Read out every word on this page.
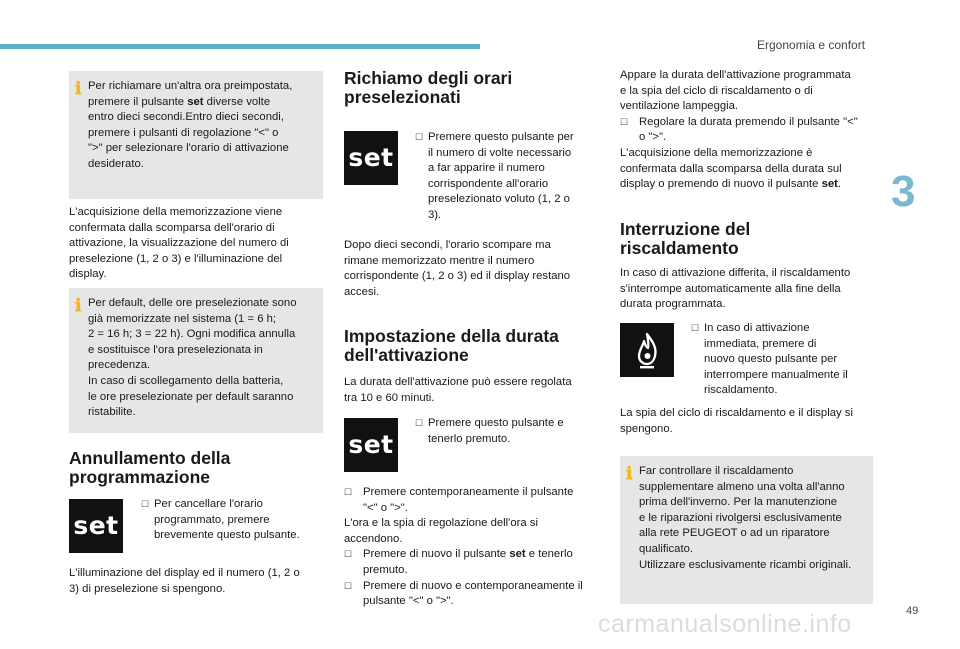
Ergonomia e confort
3
49
carmanualsonline.info
ℹ Per richiamare un'altra ora preimpostata,
premere il pulsante set diverse volte
entro dieci secondi.Entro dieci secondi,
premere i pulsanti di regolazione "<" o
">" per selezionare l'orario di attivazione
desiderato.
L'acquisizione della memorizzazione viene
confermata dalla scomparsa dell'orario di
attivazione, la visualizzazione del numero di
preselezione (1, 2 o 3) e l'illuminazione del
display.
ℹ Per default, delle ore preselezionate sono
già memorizzate nel sistema (1 = 6 h;
2 = 16 h; 3 = 22 h). Ogni modifica annulla
e sostituisce l'ora preselezionata in
precedenza.
In caso di scollegamento della batteria,
le ore preselezionate per default saranno
ristabilite.
Annullamento della
programmazione
set
☐ Per cancellare l'orario
programmato, premere
brevemente questo pulsante.
L'illuminazione del display ed il numero (1, 2 o
3) di preselezione si spengono.
Richiamo degli orari
preselezionati
set
☐ Premere questo pulsante per
il numero di volte necessario
a far apparire il numero
corrispondente all'orario
preselezionato voluto (1, 2 o
3).
Dopo dieci secondi, l'orario scompare ma
rimane memorizzato mentre il numero
corrispondente (1, 2 o 3) ed il display restano
accesi.
Impostazione della durata
dell'attivazione
La durata dell'attivazione può essere regolata
tra 10 e 60 minuti.
set
☐ Premere questo pulsante e
tenerlo premuto.
☐ Premere contemporaneamente il pulsante
"<" o ">".
L'ora e la spia di regolazione dell'ora si
accendono.
☐ Premere di nuovo il pulsante set e tenerlo
premuto.
☐ Premere di nuovo e contemporaneamente il
pulsante "<" o ">".
Appare la durata dell'attivazione programmata
e la spia del ciclo di riscaldamento o di
ventilazione lampeggia.
☐ Regolare la durata premendo il pulsante "<"
o ">".
L'acquisizione della memorizzazione è
confermata dalla scomparsa della durata sul
display o premendo di nuovo il pulsante set.
Interruzione del
riscaldamento
In caso di attivazione differita, il riscaldamento
s'interrompe automaticamente alla fine della
durata programmata.
☐ In caso di attivazione
immediata, premere di
nuovo questo pulsante per
interrompere manualmente il
riscaldamento.
La spia del ciclo di riscaldamento e il display si
spengono.
ℹ Far controllare il riscaldamento
supplementare almeno una volta all'anno
prima dell'inverno. Per la manutenzione
e le riparazioni rivolgersi esclusivamente
alla rete PEUGEOT o ad un riparatore
qualificato.
Utilizzare esclusivamente ricambi originali.
